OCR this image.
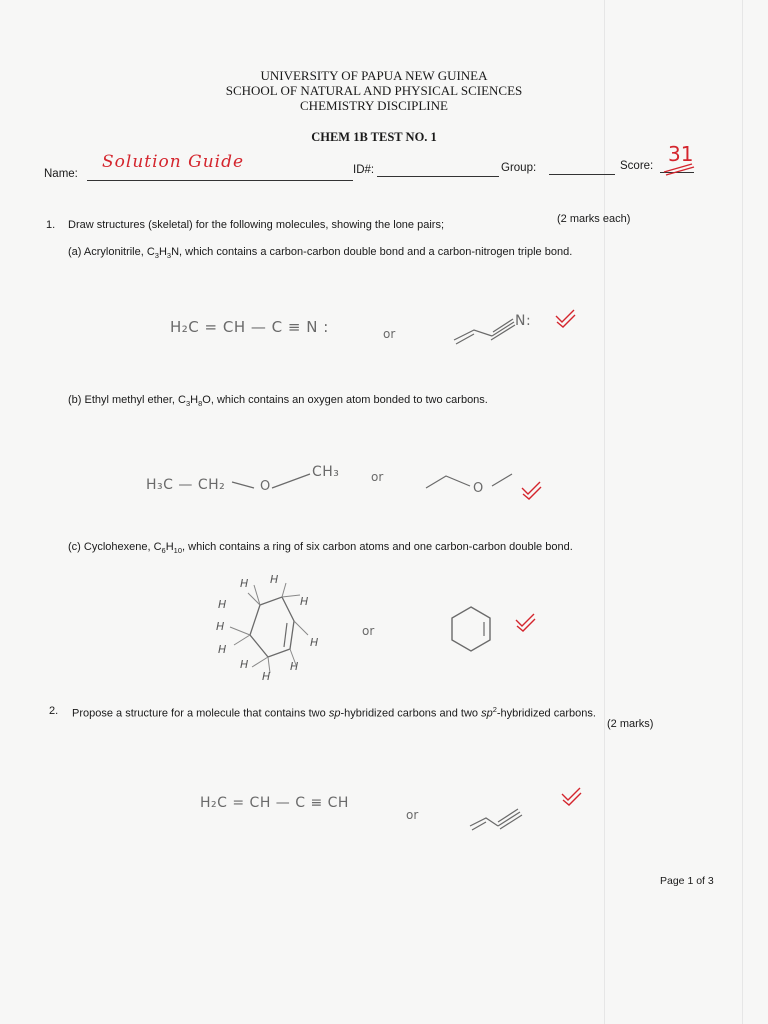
UNIVERSITY OF PAPUA NEW GUINEA
SCHOOL OF NATURAL AND PHYSICAL SCIENCES
CHEMISTRY DISCIPLINE
CHEM 1B TEST NO. 1
Name:
Solution Guide	ID#:	Group:	Score: 31
1. Draw structures (skeletal) for the following molecules, showing the lone pairs;	(2 marks each)
(a) Acrylonitrile, $C_3H_3N$, which contains a carbon-carbon double bond and a carbon-nitrogen triple bond.
H₂C = CH — C ≡ N :	or
N:
(b) Ethyl methyl ether, $C_3H_8O$, which contains an oxygen atom bonded to two carbons.
H₃C — CH₂	O
CH₃	or
O
(c) Cyclohexene, $C_6H_{10}$, which contains a ring of six carbon atoms and one carbon-carbon double bond.
H H
H	H
H
H
H
H
H
H
or
2. Propose a structure for a molecule that contains two sp-hybridized carbons and two $sp^2$-hybridized carbons.
(2 marks)
H₂C = CH — C ≡ CH
or
Page 1 of 3
